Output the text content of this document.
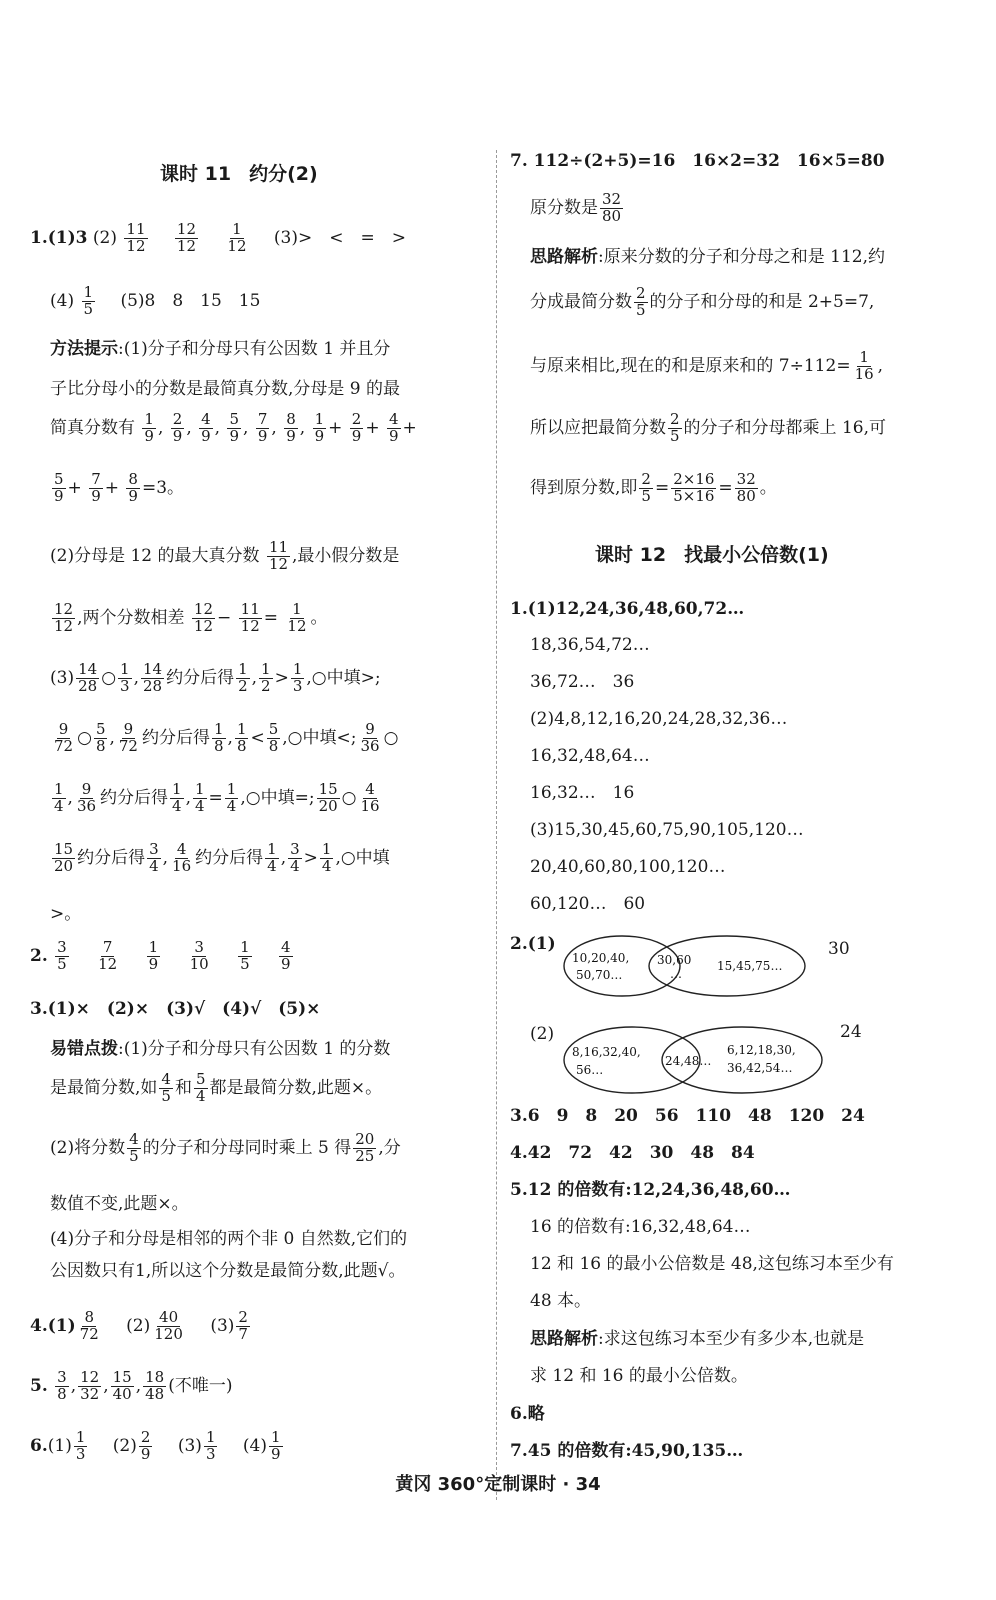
课时 11 约分(2)
1.(1)3 $(2) \frac{11}{12}$
$\frac{12}{12}$
$\frac{1}{12} (3)>$　<　=　>
$(4) \frac{1}{5} (5)8$　8　15　15
方法提示:(1)分子和分母只有公因数 1 并且分
子比分母小的分数是最简真分数,分母是 9 的最
简真分数有 $\frac{1}{9}$ , $\frac{2}{9}$ , $\frac{4}{9}$ , $\frac{5}{9}$ , $\frac{7}{9}$ , $\frac{8}{9}$ , $\frac{1}{9} + \frac{2}{9} + \frac{4}{9}$ +
$\frac{5}{9} + \frac{7}{9} + \frac{8}{9} =3$。
(2)分母是 12 的最大真分数 $\frac{11}{12}$ ,最小假分数是
$\frac{12}{12}$ ,两个分数相差 $\frac{12}{12} - \frac{11}{12} = \frac{1}{12}$ 。
$(3) \frac{14}{28}$ ○ $\frac{1}{3}$ , $\frac{14}{28}$ 约分后得 $\frac{1}{2}$ , $\frac{1}{2} > \frac{1}{3}$ ,○中填>;
$\frac{9}{72}$ ○ $\frac{5}{8}$ , $\frac{9}{72}$ 约分后得 $\frac{1}{8}$ , $\frac{1}{8} < \frac{5}{8}$ ,○中填<; $\frac{9}{36}$ ○
$\frac{1}{4}$ , $\frac{9}{36}$ 约分后得 $\frac{1}{4}$ , $\frac{1}{4} = \frac{1}{4}$ ,○中填=; $\frac{15}{20}$ ○ $\frac{4}{16}$
$\frac{15}{20}$ 约分后得 $\frac{3}{4}$ , $\frac{4}{16}$ 约分后得 $\frac{1}{4}$ , $\frac{3}{4} > \frac{1}{4}$ ,○中填
>。
2. $\frac{3}{5}$
$\frac{7}{12}$
$\frac{1}{9}$
$\frac{3}{10}$
$\frac{1}{5}$
$\frac{4}{9}$
3.(1)×　(2)×　(3)√　(4)√　(5)×
易错点拨:(1)分子和分母只有公因数 1 的分数
是最简分数,如 $\frac{4}{5}$ 和 $\frac{5}{4}$ 都是最简分数,此题×。
(2)将分数 $\frac{4}{5}$ 的分子和分母同时乘上 5 得 $\frac{20}{25}$ ,分
数值不变,此题×。
(4)分子和分母是相邻的两个非 0 自然数,它们的
公因数只有1,所以这个分数是最简分数,此题√。
$4.(1) \frac{8}{72} (2) \frac{40}{120} (3) \frac{2}{7}$
5. $\frac{3}{8}$ , $\frac{12}{32}$ , $\frac{15}{40}$ , $\frac{18}{48}$ (不唯一)
$6.(1) \frac{1}{3} (2) \frac{2}{9} (3) \frac{1}{3} (4) \frac{1}{9}$
7. 112÷(2+5)=16　16×2=32　16×5=80
原分数是 $\frac{32}{80}$
思路解析:原来分数的分子和分母之和是 112,约
分成最简分数 $\frac{2}{5}$ 的分子和分母的和是 2+5=7,
与原来相比,现在的和是原来和的 $7\div 112= \frac{1}{16}$ ,
所以应把最简分数 $\frac{2}{5}$ 的分子和分母都乘上 16,可
得到原分数,即 $\frac{2}{5} = \frac{2\times 16}{5\times 16} = \frac{32}{80}$ 。
课时 12 找最小公倍数(1)
1.(1)12,24,36,48,60,72…
18,36,54,72…
36,72…　36
(2)4,8,12,16,20,24,28,32,36…
16,32,48,64…
16,32…　16
(3)15,30,45,60,75,90,105,120…
20,40,60,80,100,120…
60,120…　60
2.(1)
10,20,40,
50,70…
30,60
…
15,45,75…
30
(2)
8,16,32,40,
56…
24,48…
6,12,18,30,
36,42,54…
24
3.6　9　8　20　56　110　48　120　24
4.42　72　42　30　48　84
5.12 的倍数有:12,24,36,48,60…
16 的倍数有:16,32,48,64…
12 和 16 的最小公倍数是 48,这包练习本至少有
48 本。
思路解析:求这包练习本至少有多少本,也就是
求 12 和 16 的最小公倍数。
6.略
7.45 的倍数有:45,90,135…
黄冈 360°定制课时 · 34
